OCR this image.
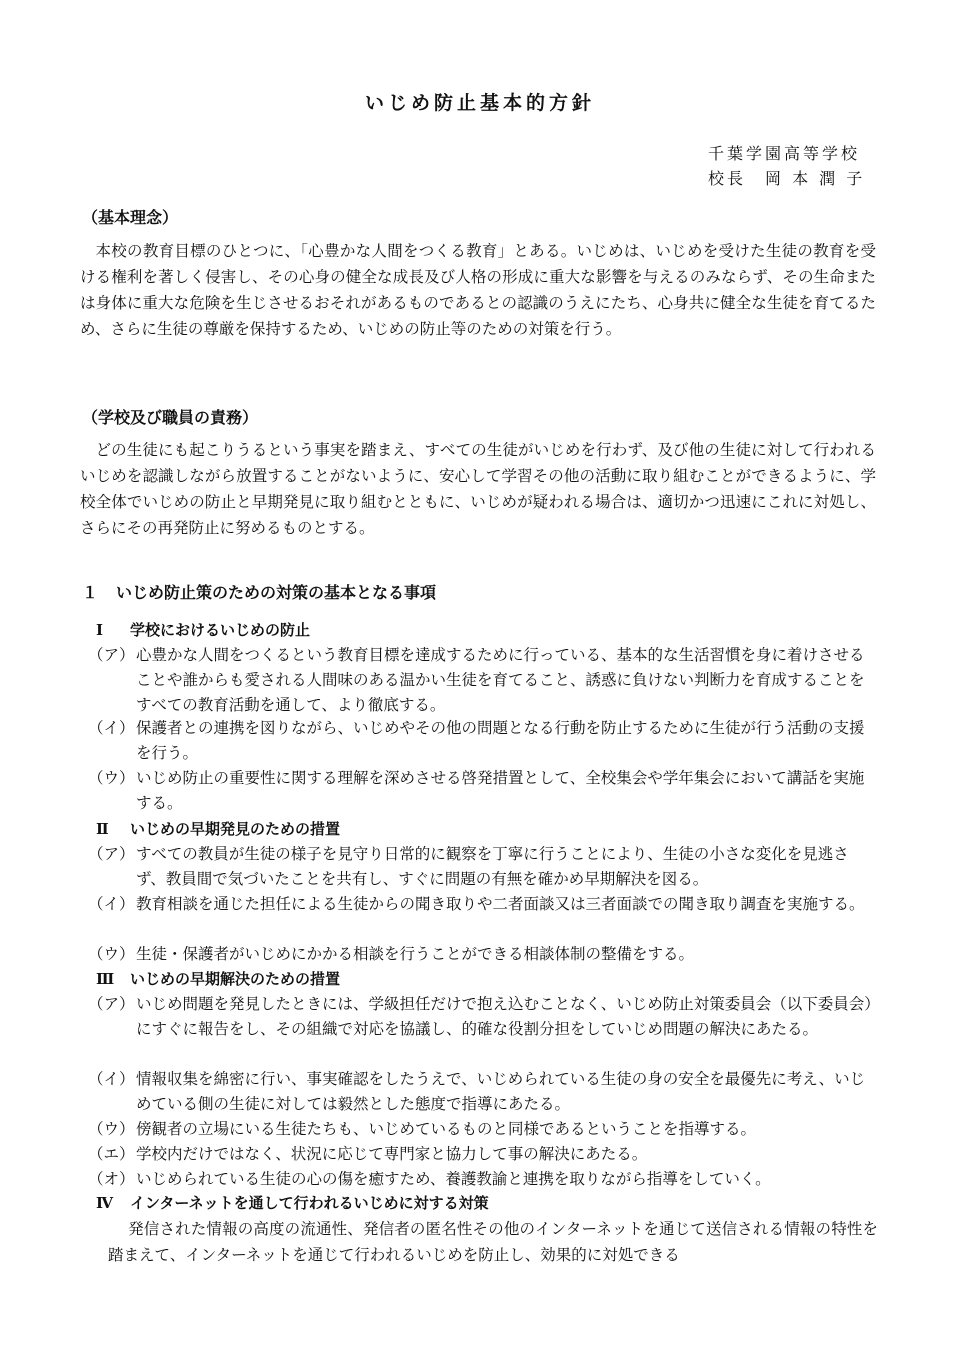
いじめ防止基本的方針
千葉学園高等学校
校長　岡 本 潤 子
（基本理念）

本校の教育目標のひとつに、「心豊かな人間をつくる教育」とある。いじめは、いじめを受けた生徒の教育を受ける権利を著しく侵害し、その心身の健全な成長及び人格の形成に重大な影響を与えるのみならず、その生命または身体に重大な危険を生じさせるおそれがあるものであるとの認識のうえにたち、心身共に健全な生徒を育てるため、さらに生徒の尊厳を保持するため、いじめの防止等のための対策を行う。

（学校及び職員の責務）

どの生徒にも起こりうるという事実を踏まえ、すべての生徒がいじめを行わず、及び他の生徒に対して行われるいじめを認識しながら放置することがないように、安心して学習その他の活動に取り組むことができるように、学校全体でいじめの防止と早期発見に取り組むとともに、いじめが疑われる場合は、適切かつ迅速にこれに対処し、さらにその再発防止に努めるものとする。

１ いじめ防止策のための対策の基本となる事項
Ⅰ 学校におけるいじめの防止
（ア） 心豊かな人間をつくるという教育目標を達成するために行っている、基本的な生活習慣を身に着けさせることや誰からも愛される人間味のある温かい生徒を育てること、誘惑に負けない判断力を育成することをすべての教育活動を通して、より徹底する。
（イ） 保護者との連携を図りながら、いじめやその他の問題となる行動を防止するために生徒が行う活動の支援を行う。
（ウ） いじめ防止の重要性に関する理解を深めさせる啓発措置として、全校集会や学年集会において講話を実施する。
Ⅱ いじめの早期発見のための措置
（ア） すべての教員が生徒の様子を見守り日常的に観察を丁寧に行うことにより、生徒の小さな変化を見逃さず、教員間で気づいたことを共有し、すぐに問題の有無を確かめ早期解決を図る。
（イ） 教育相談を通じた担任による生徒からの聞き取りや二者面談又は三者面談での聞き取り調査を実施する。
（ウ） 生徒・保護者がいじめにかかる相談を行うことができる相談体制の整備をする。
Ⅲ いじめの早期解決のための措置
（ア） いじめ問題を発見したときには、学級担任だけで抱え込むことなく、いじめ防止対策委員会（以下委員会）にすぐに報告をし、その組織で対応を協議し、的確な役割分担をしていじめ問題の解決にあたる。
（イ） 情報収集を綿密に行い、事実確認をしたうえで、いじめられている生徒の身の安全を最優先に考え、いじめている側の生徒に対しては毅然とした態度で指導にあたる。
（ウ） 傍観者の立場にいる生徒たちも、いじめているものと同様であるということを指導する。
（エ） 学校内だけではなく、状況に応じて専門家と協力して事の解決にあたる。
（オ） いじめられている生徒の心の傷を癒すため、養護教諭と連携を取りながら指導をしていく。
Ⅳ インターネットを通して行われるいじめに対する対策

発信された情報の高度の流通性、発信者の匿名性その他のインターネットを通じて送信される情報の特性を踏まえて、インターネットを通じて行われるいじめを防止し、効果的に対処できる
